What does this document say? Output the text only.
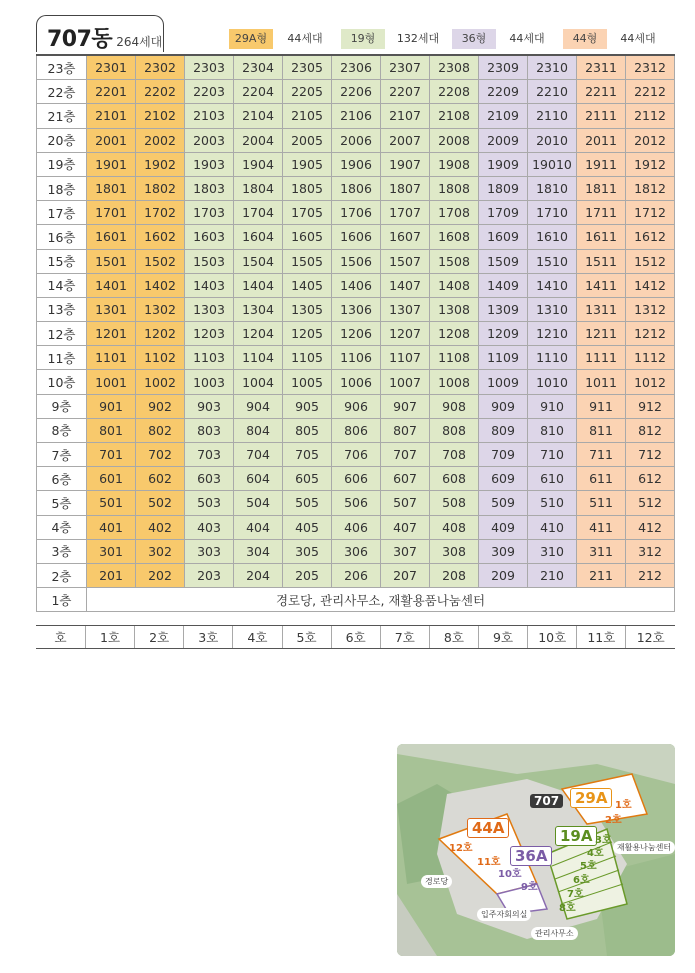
707동 264세대	29A형	44세대	19형	132세대	36형	44세대	44형	44세대
23층	2301	2302	2303	2304	2305	2306	2307	2308	2309	2310	2311	2312
22층	2201	2202	2203	2204	2205	2206	2207	2208	2209	2210	2211	2212
21층	2101	2102	2103	2104	2105	2106	2107	2108	2109	2110	2111	2112
20층	2001	2002	2003	2004	2005	2006	2007	2008	2009	2010	2011	2012
19층	1901	1902	1903	1904	1905	1906	1907	1908	1909	19010	1911	1912
18층	1801	1802	1803	1804	1805	1806	1807	1808	1809	1810	1811	1812
17층	1701	1702	1703	1704	1705	1706	1707	1708	1709	1710	1711	1712
16층	1601	1602	1603	1604	1605	1606	1607	1608	1609	1610	1611	1612
15층	1501	1502	1503	1504	1505	1506	1507	1508	1509	1510	1511	1512
14층	1401	1402	1403	1404	1405	1406	1407	1408	1409	1410	1411	1412
13층	1301	1302	1303	1304	1305	1306	1307	1308	1309	1310	1311	1312
12층	1201	1202	1203	1204	1205	1206	1207	1208	1209	1210	1211	1212
11층	1101	1102	1103	1104	1105	1106	1107	1108	1109	1110	1111	1112
10층	1001	1002	1003	1004	1005	1006	1007	1008	1009	1010	1011	1012
9층	901	902	903	904	905	906	907	908	909	910	911	912
8층	801	802	803	804	805	806	807	808	809	810	811	812
7층	701	702	703	704	705	706	707	708	709	710	711	712
6층	601	602	603	604	605	606	607	608	609	610	611	612
5층	501	502	503	504	505	506	507	508	509	510	511	512
4층	401	402	403	404	405	406	407	408	409	410	411	412
3층	301	302	303	304	305	306	307	308	309	310	311	312
2층	201	202	203	204	205	206	207	208	209	210	211	212
1층	경로당, 관리사무소, 재활용품나눔센터											
호	1호	2호	3호	4호	5호	6호	7호	8호	9호	10호	11호	12호
707	29A
44A
36A
19A
1호
2호
3호
4호
5호
6호
7호
8호
9호
10호
11호
12호	재활용나눔센터
경로당
입주자회의실
관리사무소
